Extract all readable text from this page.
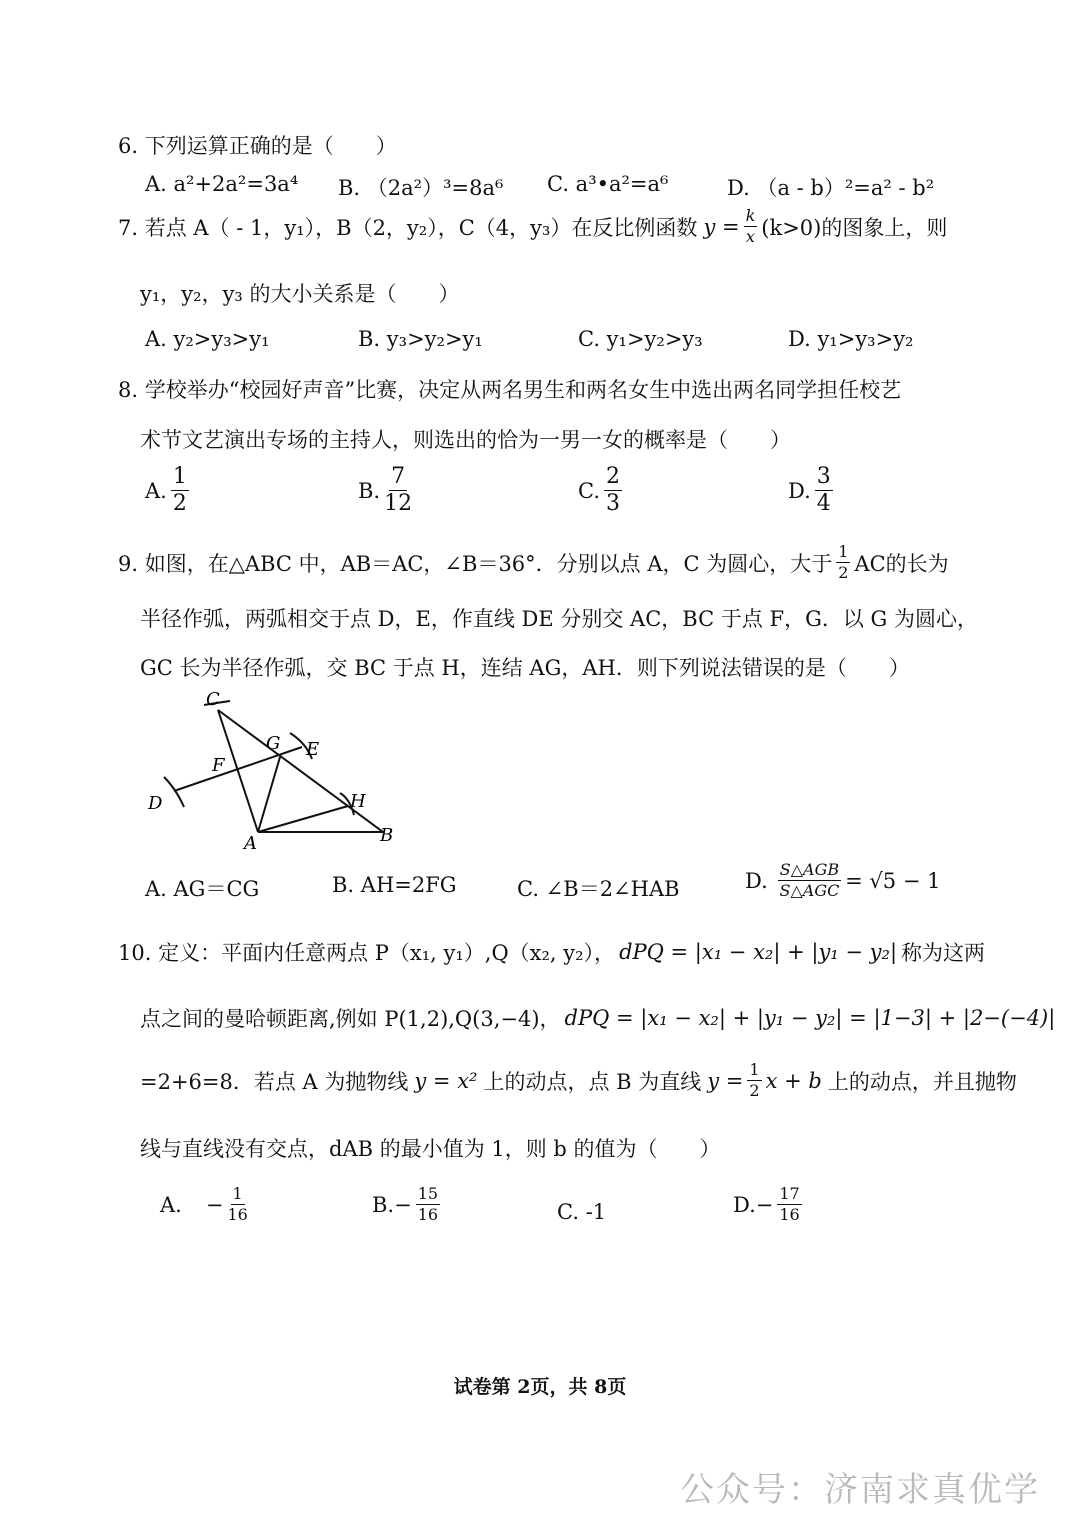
6. 下列运算正确的是（　　）
A. a²+2a²=3a⁴ B. （2a²）³=8a⁶ C. a³•a²=a⁶	D. （a - b）²=a² - b²
7. 若点 A（ - 1，y₁），B（2，y₂），C（4，y₃）在反比例函数 $y = \frac{k}{x} (k>0)$的图象上，则
y₁，y₂，y₃ 的大小关系是（　　）
A. y₂>y₃>y₁	B. y₃>y₂>y₁	C. y₁>y₂>y₃	D. y₁>y₃>y₂
8. 学校举办“校园好声音”比赛，决定从两名男生和两名女生中选出两名同学担任校艺
术节文艺演出专场的主持人，则选出的恰为一男一女的概率是（　　）
A. $\frac{1}{2}$	B. $\frac{7}{12}$	C. $\frac{2}{3}$	D. $\frac{3}{4}$
9. 如图，在△ABC 中，AB＝AC，∠B＝36°．分别以点 A，C 为圆心，大于 $\frac{1}{2}$ AC的长为
半径作弧，两弧相交于点 D，E，作直线 DE 分别交 AC，BC 于点 F，G．以 G 为圆心，
GC 长为半径作弧，交 BC 于点 H，连结 AG，AH．则下列说法错误的是（　　）
C
G E
F
D	H
A	B
A. AG＝CG	B. AH=2FG	C. ∠B＝2∠HAB	D. $\frac{\text{S△AGB}}{\text{S△AGC}} = √5 - 1$
10. 定义：平面内任意两点 P（x₁, y₁）,Q（x₂, y₂）， dPQ = |x₁ − x₂| + |y₁ − y₂| 称为这两
点之间的曼哈顿距离,例如 P(1,2),Q(3,−4)， dPQ = |x₁ − x₂| + |y₁ − y₂| = |1−3| + |2−(−4)|
=2+6=8．若点 A 为抛物线 y = x² 上的动点，点 B 为直线 $y = \frac{1}{2}$ x + b 上的动点，并且抛物
线与直线没有交点，dAB 的最小值为 1，则 b 的值为（　　）
A. − $\frac{1}{16}$	B. − $\frac{15}{16}$	C. -1	D. − $\frac{17}{16}$
试卷第 2页，共 8页
公众号：济南求真优学
